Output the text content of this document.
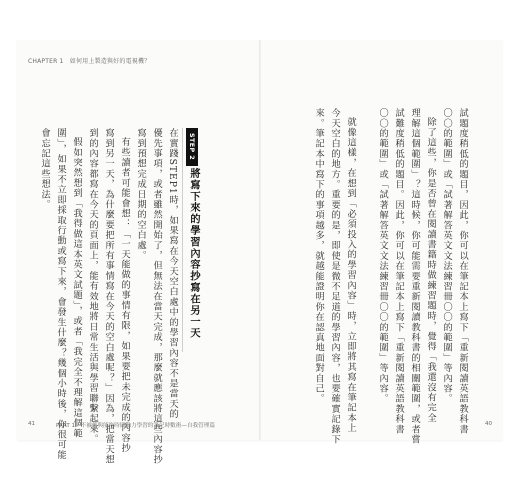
CHAPTER 1　如何用上製造與好的電視機？
試題度稍低的題目，因此，你可以在筆記本上寫下「重新閱讀英語教科書
〇〇的範圍」或「試著解答英文文法練習冊〇〇的範圍」等內容。
除了這些，你是否曾在閱讀書籍時做練習題時，覺得「我還沒有完全
理解這個範圍」？這時候，你可能需要重新閱讀教科書的相關範圍，或者嘗
試難度稍低的題目。因此，你可以在筆記本上寫下「重新閱讀英語教科書
〇〇的範圍」或「試著解答英文文法練習冊〇〇的範圍」等內容。
就像這樣，在想到「必須投入的學習內容」時，立即將其寫在筆記本上
今天空白的地方。重要的是，即使是微不足道的學習內容，也要確實記錄下
來。筆記本中寫下的事項越多，就越能證明你在認真地面對自己。
STEP 2
將寫下來的學習內容抄寫在另一天
在實踐STEP1時，如果寫在今天空白處中的學習內容不是當天的
優先事項，或者雖然開始了，但無法在當天完成，那麼就應該將這些內容抄
寫到預想完成日期的空白處。
有些讀者可能會想：「一天能做的事情有限，如果要把未完成的內容抄
寫到另一天，為什麼要把所有事情寫在今天的空白處呢？」因為，把當天想
到的內容都寫在今天的頁面上，能有效地將日常生活與學習聯繫起來。
假如突然想到「我得做這本英文試題」，或者「我完全不理解這個範
圍」，如果不立即採取行動或寫下來，會發生什麼？幾個小時後，你很可能
會忘記這些想法。
41	PART 1　不被強與能拖時間動力學習的筆記時數術—自我管理篇	40
